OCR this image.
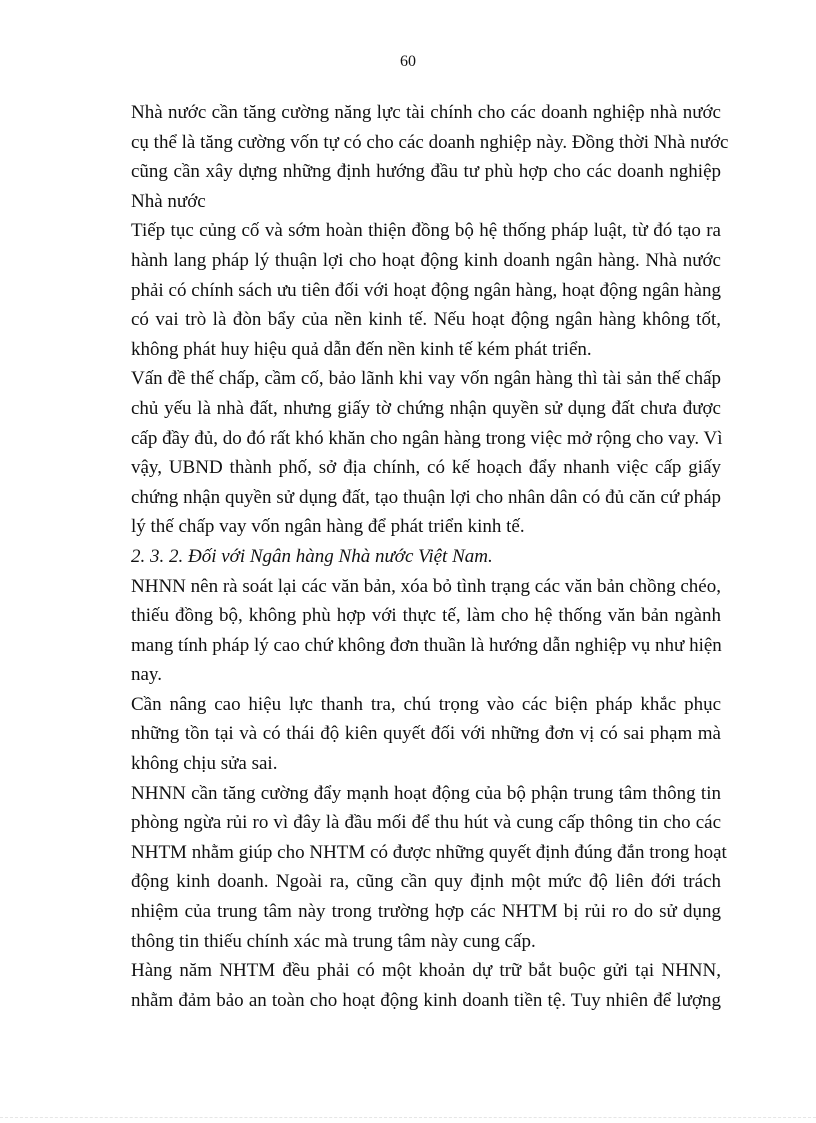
60
Nhà nước cần tăng cường năng lực tài chính cho các doanh nghiệp nhà nước
cụ thể là tăng cường vốn tự có cho các doanh nghiệp này. Đồng thời Nhà nước
cũng cần xây dựng những định hướng đầu tư phù hợp cho các doanh nghiệp
Nhà nước
Tiếp tục củng cố và sớm hoàn thiện đồng bộ hệ thống pháp luật, từ đó tạo ra
hành lang pháp lý thuận lợi cho hoạt động kinh doanh ngân hàng. Nhà nước
phải có chính sách ưu tiên đối với hoạt động ngân hàng, hoạt động ngân hàng
có vai trò là đòn bẩy của nền kinh tế. Nếu hoạt động ngân hàng không tốt,
không phát huy hiệu quả dẫn đến nền kinh tế kém phát triển.
Vấn đề thế chấp, cầm cố, bảo lãnh khi vay vốn ngân hàng thì tài sản thế chấp
chủ yếu là nhà đất, nhưng giấy tờ chứng nhận quyền sử dụng đất chưa được
cấp đầy đủ, do đó rất khó khăn cho ngân hàng trong việc mở rộng cho vay. Vì
vậy, UBND thành phố, sở địa chính, có kế hoạch đẩy nhanh việc cấp giấy
chứng nhận quyền sử dụng đất, tạo thuận lợi cho nhân dân có đủ căn cứ pháp
lý thế chấp vay vốn ngân hàng để phát triển kinh tế.
2. 3. 2. Đối với Ngân hàng Nhà nước Việt Nam.
NHNN nên rà soát lại các văn bản, xóa bỏ tình trạng các văn bản chồng chéo,
thiếu đồng bộ, không phù hợp với thực tế, làm cho hệ thống văn bản ngành
mang tính pháp lý cao chứ không đơn thuần là hướng dẫn nghiệp vụ như hiện
nay.
Cần nâng cao hiệu lực thanh tra, chú trọng vào các biện pháp khắc phục
những tồn tại và có thái độ kiên quyết đối với những đơn vị có sai phạm mà
không chịu sửa sai.
NHNN cần tăng cường đẩy mạnh hoạt động của bộ phận trung tâm thông tin
phòng ngừa rủi ro vì đây là đầu mối để thu hút và cung cấp thông tin cho các
NHTM nhằm giúp cho NHTM có được những quyết định đúng đắn trong hoạt
động kinh doanh. Ngoài ra, cũng cần quy định một mức độ liên đới trách
nhiệm của trung tâm này trong trường hợp các NHTM bị rủi ro do sử dụng
thông tin thiếu chính xác mà trung tâm này cung cấp.
Hàng năm NHTM đều phải có một khoản dự trữ bắt buộc gửi tại NHNN,
nhằm đảm bảo an toàn cho hoạt động kinh doanh tiền tệ. Tuy nhiên để lượng
